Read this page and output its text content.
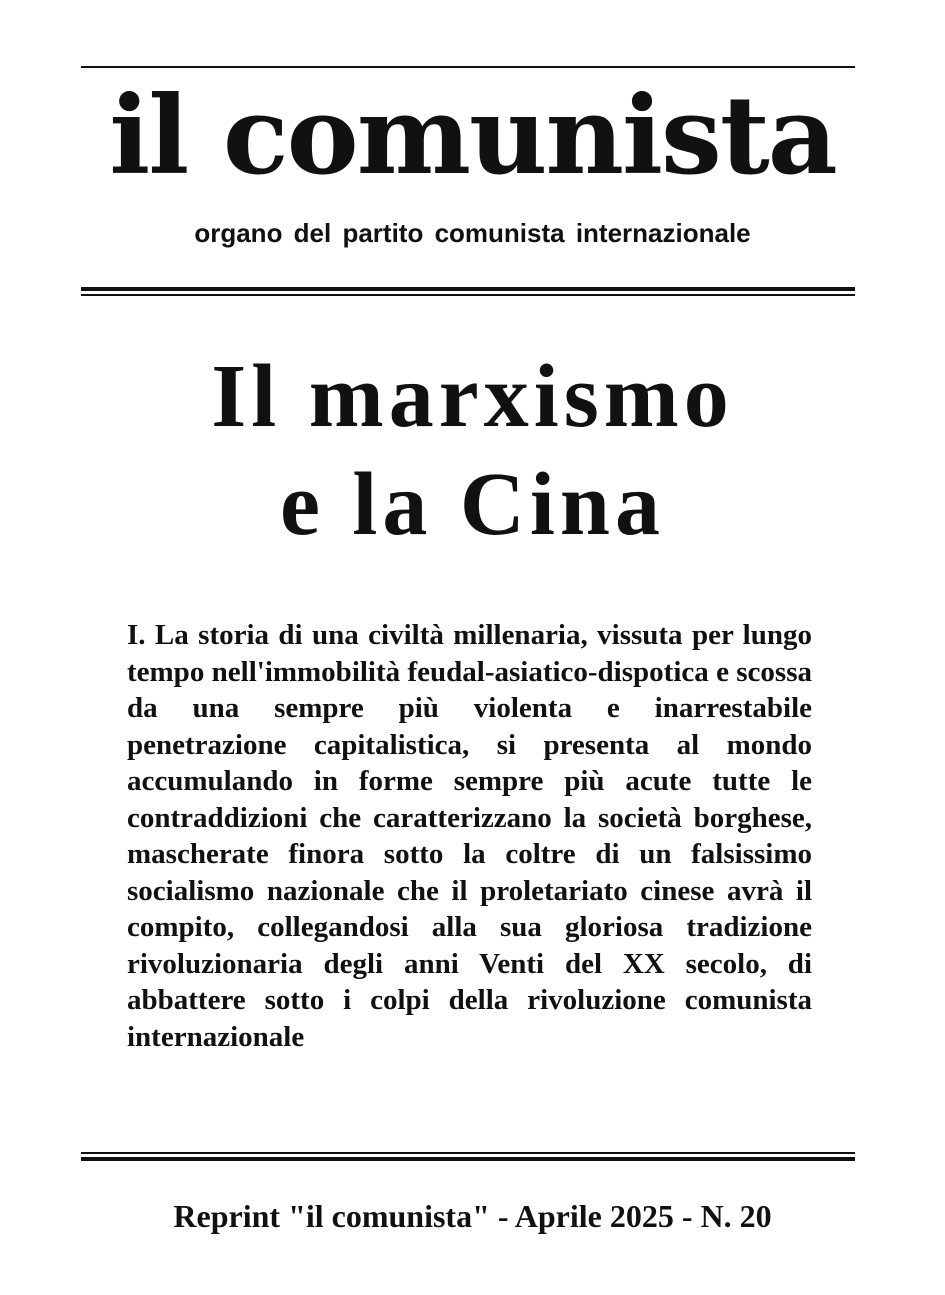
il comunista
organo del partito comunista internazionale
Il marxismo
e la Cina
I. La storia di una civiltà millenaria, vissuta per lungo tempo nell'immobilità feudal-asiatico-dispotica e scossa da una sempre più violenta e inarrestabile penetrazione capitalistica, si presenta al mondo accumulando in forme sempre più acute tutte le contraddizioni che caratterizzano la società borghese, mascherate finora sotto la coltre di un falsissimo socialismo nazionale che il proletariato cinese avrà il compito, collegandosi alla sua gloriosa tradizione rivoluzionaria degli anni Venti del XX secolo, di abbattere sotto i colpi della rivoluzione comunista internazionale
Reprint "il comunista" - Aprile 2025 - N. 20
